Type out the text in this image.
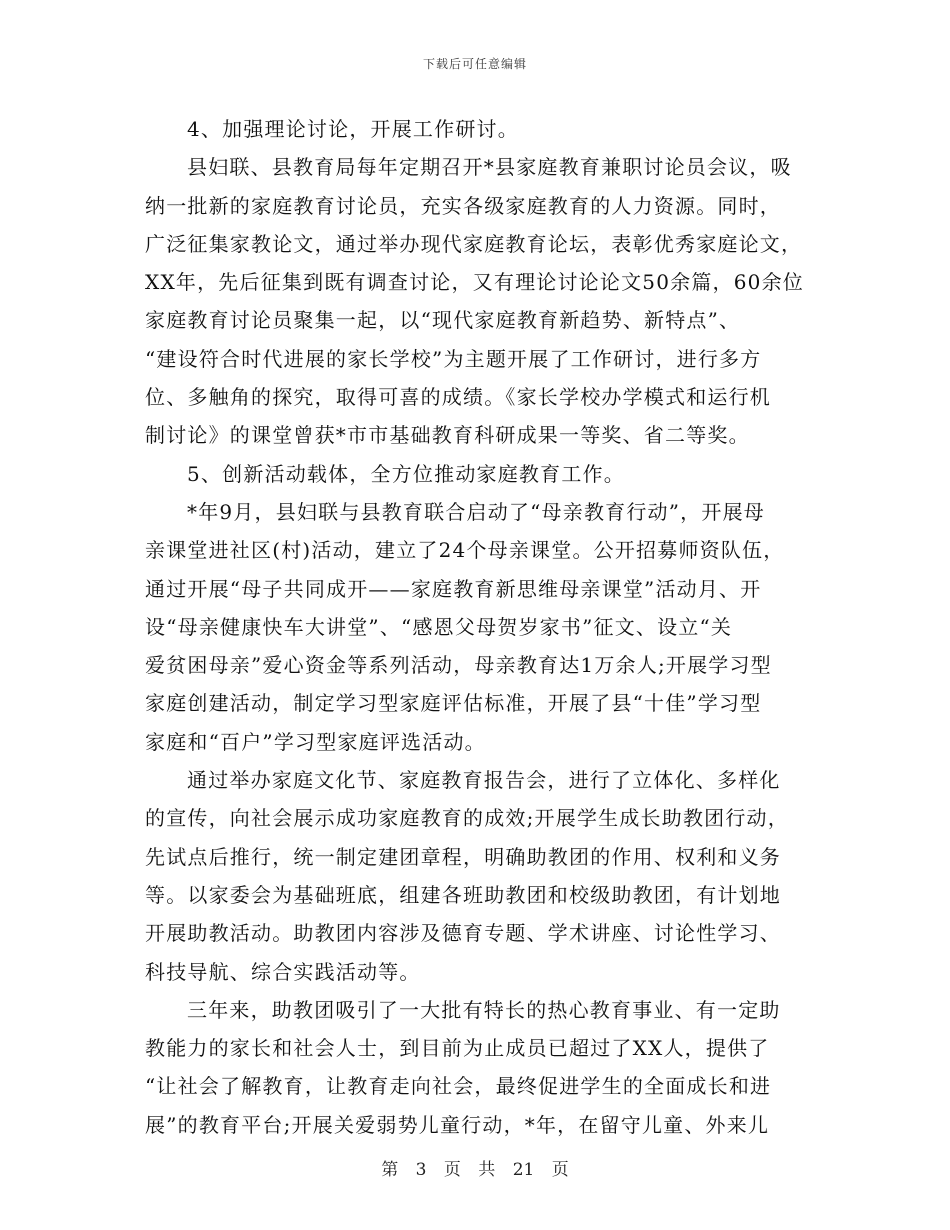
下载后可任意编辑
4、加强理论讨论，开展工作研讨。
县妇联、县教育局每年定期召开*县家庭教育兼职讨论员会议，吸
纳一批新的家庭教育讨论员，充实各级家庭教育的人力资源。同时，
广泛征集家教论文，通过举办现代家庭教育论坛，表彰优秀家庭论文，
XX年，先后征集到既有调查讨论，又有理论讨论论文50余篇，60余位
家庭教育讨论员聚集一起，以“现代家庭教育新趋势、新特点”、
“建设符合时代进展的家长学校”为主题开展了工作研讨，进行多方
位、多触角的探究，取得可喜的成绩。《家长学校办学模式和运行机
制讨论》的课堂曾获*市市基础教育科研成果一等奖、省二等奖。
5、创新活动载体，全方位推动家庭教育工作。
*年9月，县妇联与县教育联合启动了“母亲教育行动”，开展母
亲课堂进社区(村)活动，建立了24个母亲课堂。公开招募师资队伍，
通过开展“母子共同成开——家庭教育新思维母亲课堂”活动月、开
设“母亲健康快车大讲堂”、“感恩父母贺岁家书”征文、设立“关
爱贫困母亲”爱心资金等系列活动，母亲教育达1万余人;开展学习型
家庭创建活动，制定学习型家庭评估标准，开展了县“十佳”学习型
家庭和“百户”学习型家庭评选活动。
通过举办家庭文化节、家庭教育报告会，进行了立体化、多样化
的宣传，向社会展示成功家庭教育的成效;开展学生成长助教团行动，
先试点后推行，统一制定建团章程，明确助教团的作用、权利和义务
等。以家委会为基础班底，组建各班助教团和校级助教团，有计划地
开展助教活动。助教团内容涉及德育专题、学术讲座、讨论性学习、
科技导航、综合实践活动等。
三年来，助教团吸引了一大批有特长的热心教育事业、有一定助
教能力的家长和社会人士，到目前为止成员已超过了XX人，提供了
“让社会了解教育，让教育走向社会，最终促进学生的全面成长和进
展”的教育平台;开展关爱弱势儿童行动，*年，在留守儿童、外来儿
第 3 页 共 21 页
